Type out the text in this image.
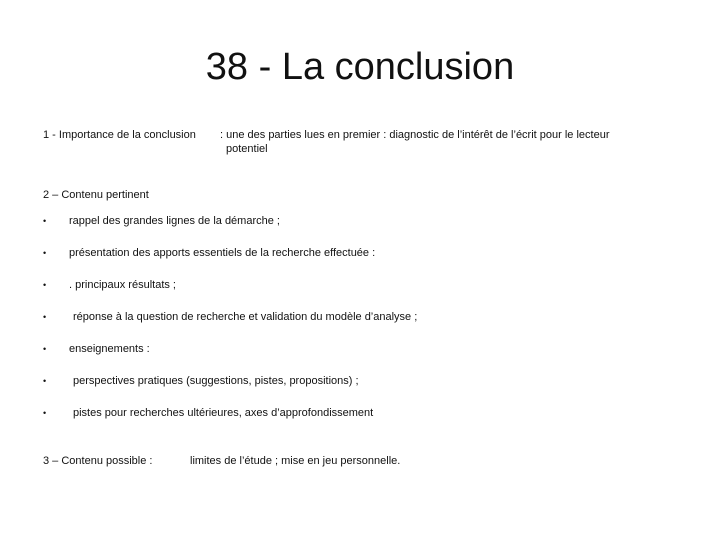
38 - La conclusion
1 - Importance de la conclusion : une des parties lues en premier : diagnostic de l’intérêt de l’écrit pour le lecteur
potentiel
2 – Contenu pertinent
• rappel des grandes lignes de la démarche ;
• présentation des apports essentiels de la recherche effectuée :
• . principaux résultats ;
• réponse à la question de recherche et validation du modèle d’analyse ;
• enseignements :
• perspectives pratiques (suggestions, pistes, propositions) ;
• pistes pour recherches ultérieures, axes d’approfondissement
3 – Contenu possible :	limites de l’étude ; mise en jeu personnelle.
